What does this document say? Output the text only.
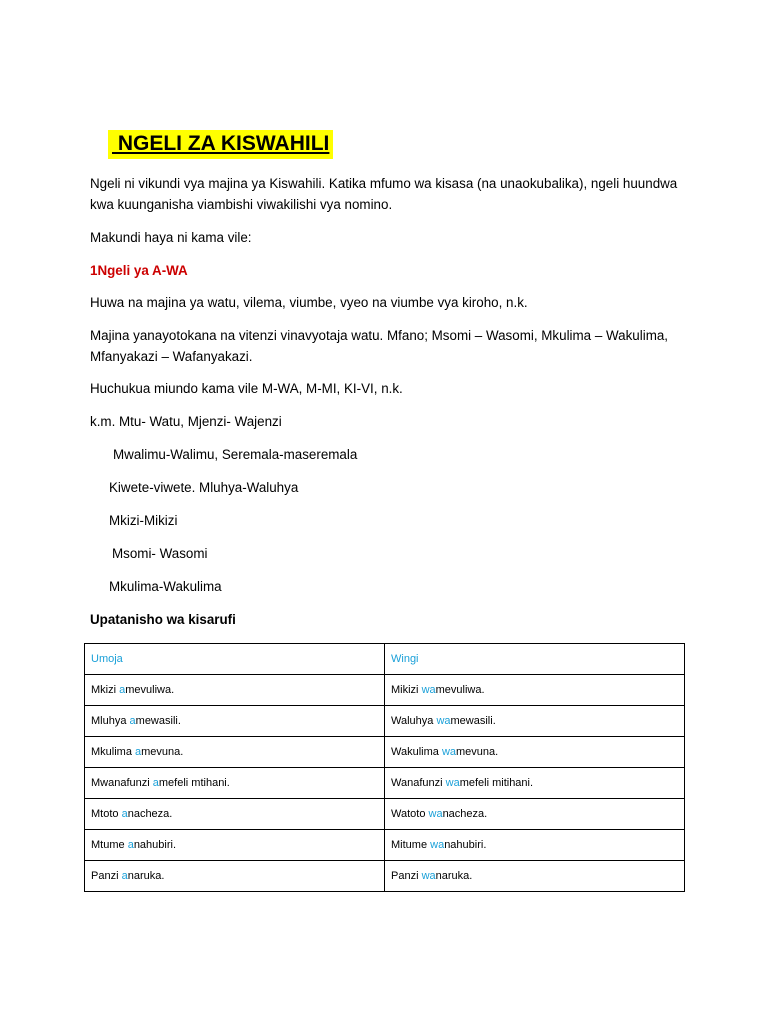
NGELI ZA KISWAHILI

Ngeli ni vikundi vya majina ya Kiswahili. Katika mfumo wa kisasa (na unaokubalika), ngeli huundwa kwa kuunganisha viambishi viwakilishi vya nomino.

Makundi haya ni kama vile:

1Ngeli ya A-WA

Huwa na majina ya watu, vilema, viumbe, vyeo na viumbe vya kiroho, n.k.

Majina yanayotokana na vitenzi vinavyotaja watu. Mfano; Msomi – Wasomi, Mkulima – Wakulima, Mfanyakazi – Wafanyakazi.

Huchukua miundo kama vile M-WA, M-MI, KI-VI, n.k.

k.m. Mtu- Watu, Mjenzi- Wajenzi

Mwalimu-Walimu, Seremala-maseremala

Kiwete-viwete. Mluhya-Waluhya

Mkizi-Mikizi

Msomi- Wasomi

Mkulima-Wakulima

Upatanisho wa kisarufi

Umoja	Wingi
Mkizi amevuliwa.	Mikizi wamevuliwa.
Mluhya amewasili.	Waluhya wamewasili.
Mkulima amevuna.	Wakulima wamevuna.
Mwanafunzi amefeli mtihani.	Wanafunzi wamefeli mitihani.
Mtoto anacheza.	Watoto wanacheza.
Mtume anahubiri.	Mitume wanahubiri.
Panzi anaruka.	Panzi wanaruka.
